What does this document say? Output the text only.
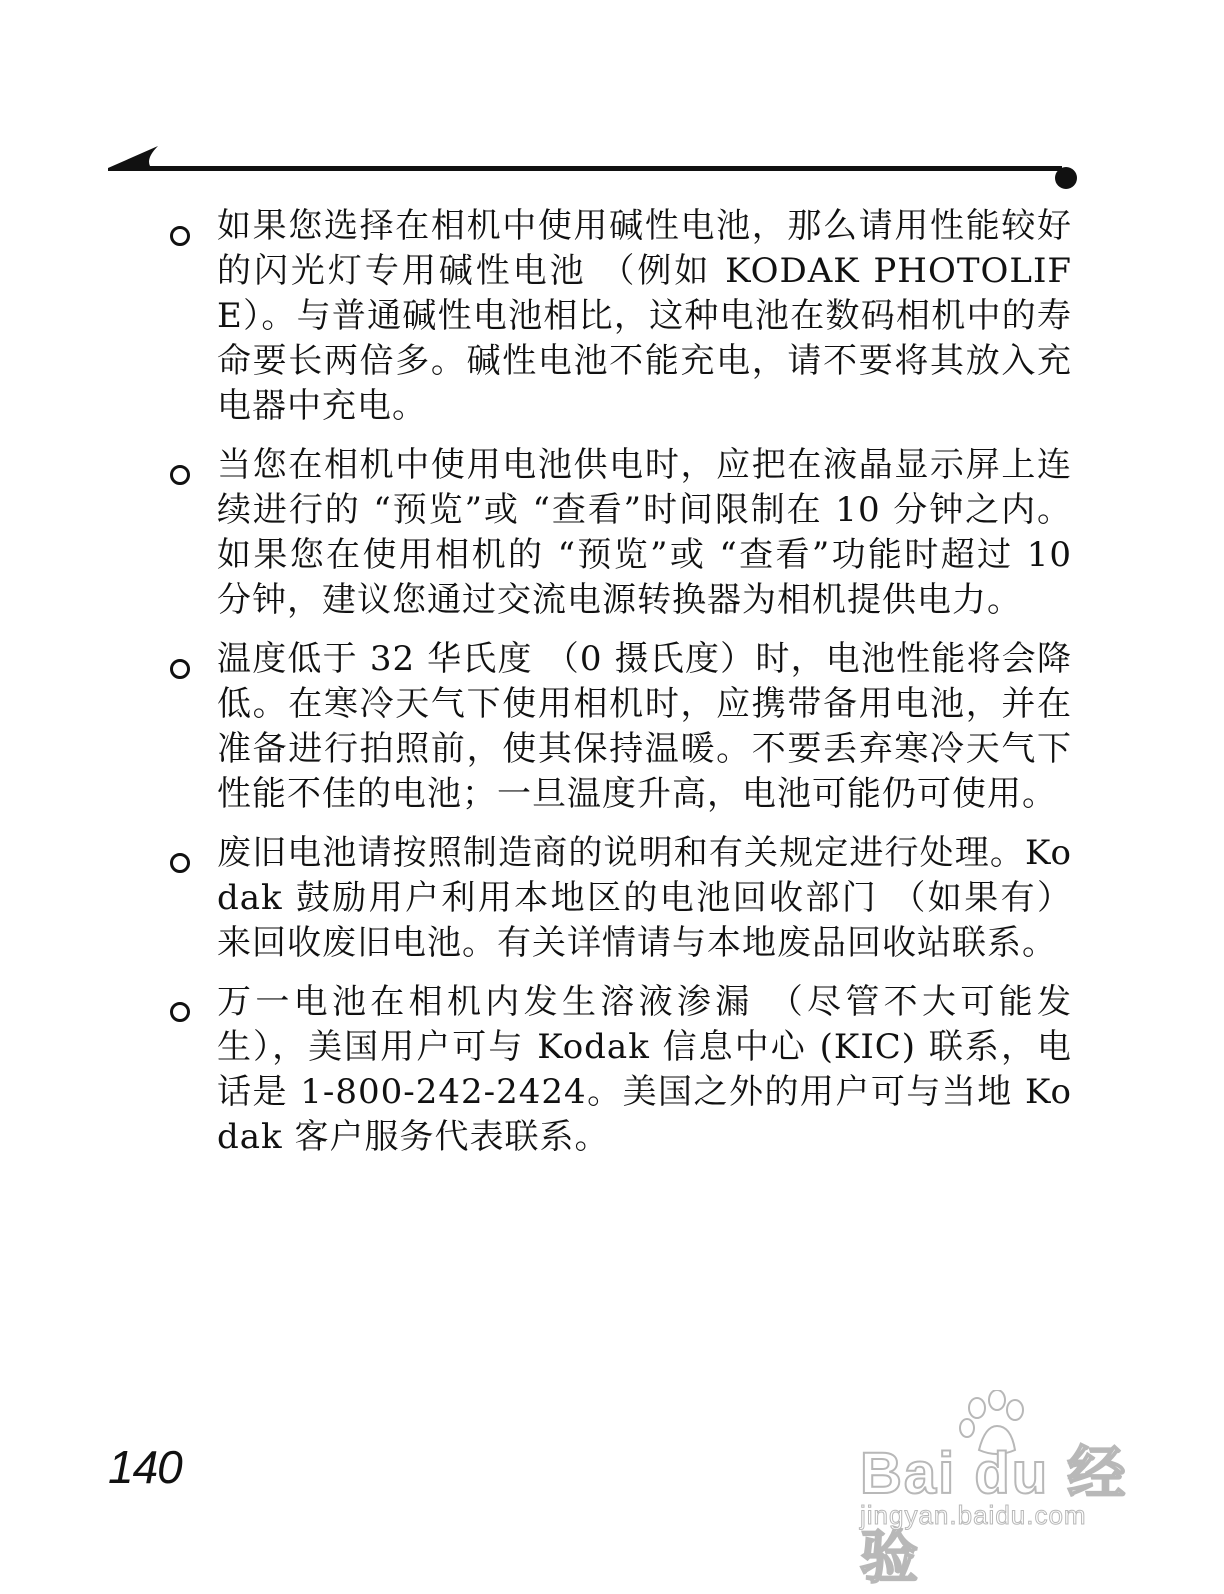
如果您选择在相机中使用碱性电池，那么请用性能较好的闪光灯专用碱性电池 （例如 KODAK PHOTOLIFE）。与普通碱性电池相比，这种电池在数码相机中的寿命要长两倍多。碱性电池不能充电，请不要将其放入充电器中充电。
当您在相机中使用电池供电时，应把在液晶显示屏上连续进行的 “预览”或 “查看”时间限制在 10 分钟之内。如果您在使用相机的 “预览”或 “查看”功能时超过 10 分钟，建议您通过交流电源转换器为相机提供电力。
温度低于 32 华氏度 （0 摄氏度）时，电池性能将会降低。在寒冷天气下使用相机时，应携带备用电池，并在准备进行拍照前，使其保持温暖。不要丢弃寒冷天气下性能不佳的电池；一旦温度升高，电池可能仍可使用。
废旧电池请按照制造商的说明和有关规定进行处理。Kodak 鼓励用户利用本地区的电池回收部门 （如果有）来回收废旧电池。有关详情请与本地废品回收站联系。
万一电池在相机内发生溶液渗漏 （尽管不大可能发生），美国用户可与 Kodak 信息中心 (KIC) 联系，电话是 1-800-242-2424。美国之外的用户可与当地 Kodak 客户服务代表联系。
140	Bai du 经验
jingyan.baidu.com
